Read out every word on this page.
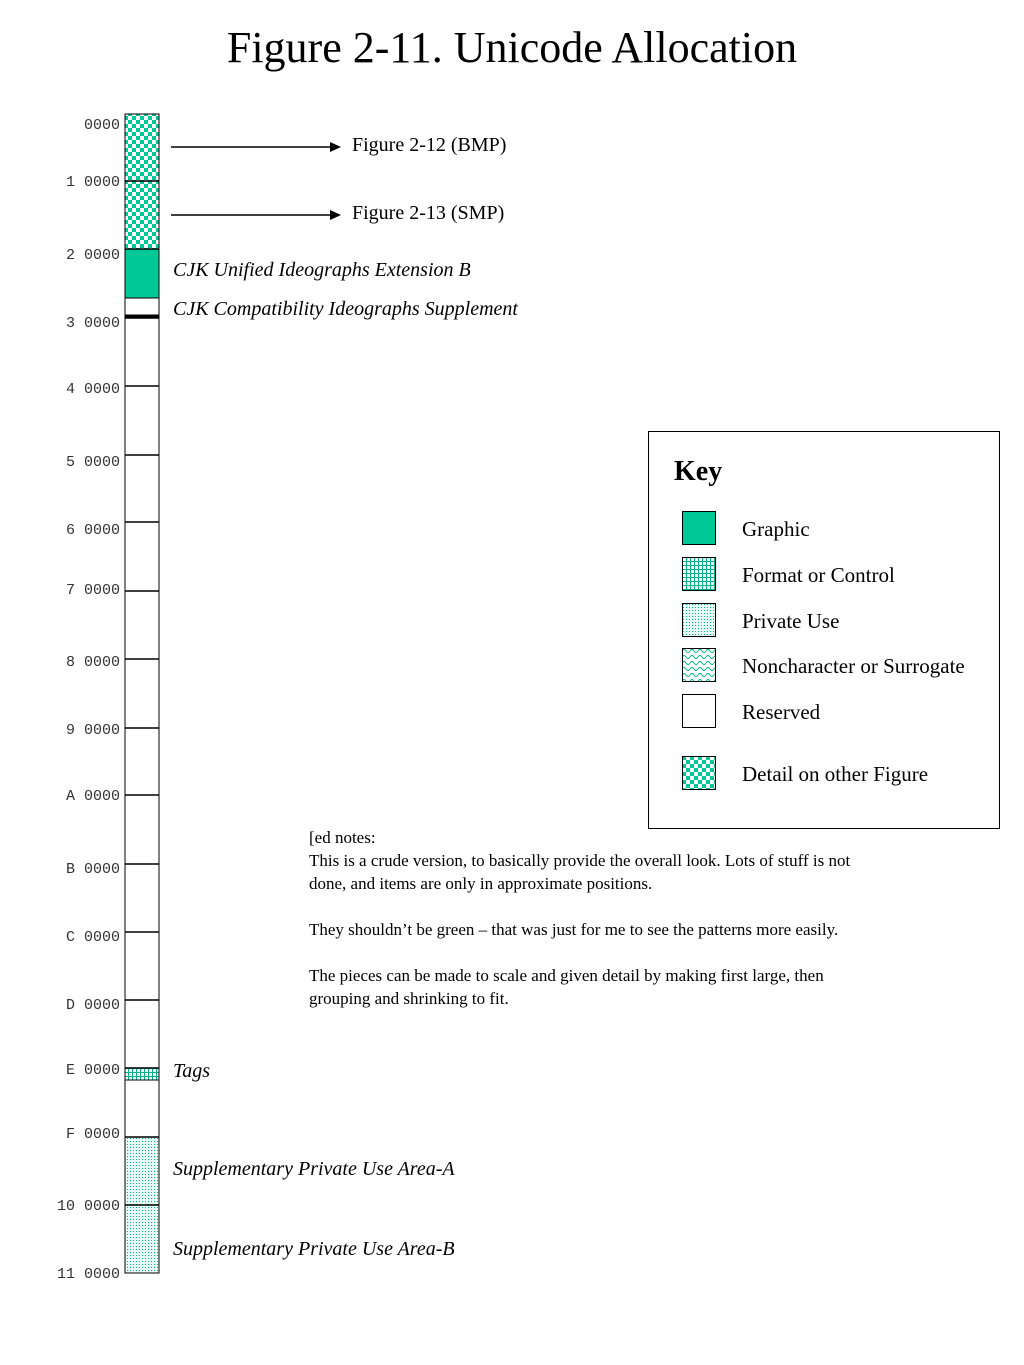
Figure 2-11. Unicode Allocation
0000
1 0000
2 0000
3 0000
4 0000
5 0000
6 0000
7 0000
8 0000
9 0000
A 0000
B 0000
C 0000
D 0000
E 0000
F 0000
10 0000
11 0000
Figure 2-12 (BMP)
Figure 2-13 (SMP)
CJK Unified Ideographs Extension B
CJK Compatibility Ideographs Supplement
Tags
Supplementary Private Use Area-A
Supplementary Private Use Area-B
Key
Graphic
Format or Control
Private Use
Noncharacter or Surrogate
Reserved
Detail on other Figure

[ed notes:

This is a crude version, to basically provide the overall look. Lots of stuff is not done, and items are only in approximate positions.

They shouldn’t be green – that was just for me to see the patterns more easily.

The pieces can be made to scale and given detail by making first large, then grouping and shrinking to fit.
